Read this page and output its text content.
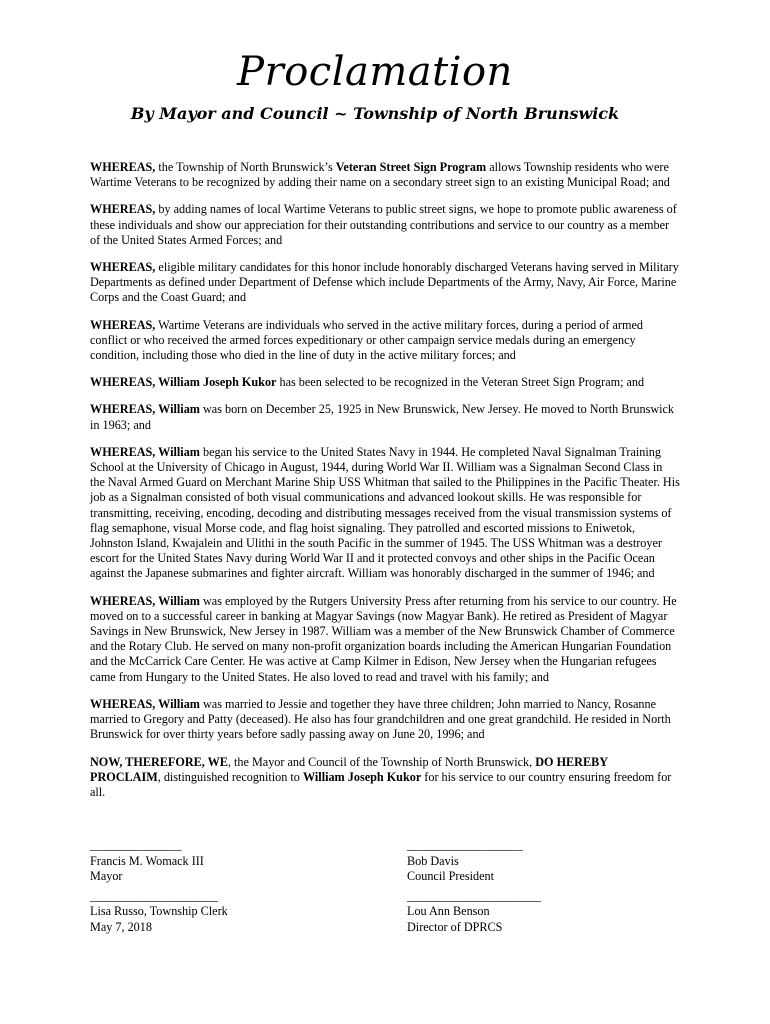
Proclamation
By Mayor and Council ~ Township of North Brunswick

WHEREAS, the Township of North Brunswick’s Veteran Street Sign Program allows Township residents who were Wartime Veterans to be recognized by adding their name on a secondary street sign to an existing Municipal Road; and

WHEREAS, by adding names of local Wartime Veterans to public street signs, we hope to promote public awareness of these individuals and show our appreciation for their outstanding contributions and service to our country as a member of the United States Armed Forces; and

WHEREAS, eligible military candidates for this honor include honorably discharged Veterans having served in Military Departments as defined under Department of Defense which include Departments of the Army, Navy, Air Force, Marine Corps and the Coast Guard; and

WHEREAS, Wartime Veterans are individuals who served in the active military forces, during a period of armed conflict or who received the armed forces expeditionary or other campaign service medals during an emergency condition, including those who died in the line of duty in the active military forces; and

WHEREAS, William Joseph Kukor has been selected to be recognized in the Veteran Street Sign Program; and

WHEREAS, William was born on December 25, 1925 in New Brunswick, New Jersey. He moved to North Brunswick in 1963; and

WHEREAS, William began his service to the United States Navy in 1944. He completed Naval Signalman Training School at the University of Chicago in August, 1944, during World War II. William was a Signalman Second Class in the Naval Armed Guard on Merchant Marine Ship USS Whitman that sailed to the Philippines in the Pacific Theater. His job as a Signalman consisted of both visual communications and advanced lookout skills. He was responsible for transmitting, receiving, encoding, decoding and distributing messages received from the visual transmission systems of flag semaphone, visual Morse code, and flag hoist signaling. They patrolled and escorted missions to Eniwetok, Johnston Island, Kwajalein and Ulithi in the south Pacific in the summer of 1945. The USS Whitman was a destroyer escort for the United States Navy during World War II and it protected convoys and other ships in the Pacific Ocean against the Japanese submarines and fighter aircraft. William was honorably discharged in the summer of 1946; and

WHEREAS, William was employed by the Rutgers University Press after returning from his service to our country. He moved on to a successful career in banking at Magyar Savings (now Magyar Bank). He retired as President of Magyar Savings in New Brunswick, New Jersey in 1987. William was a member of the New Brunswick Chamber of Commerce and the Rotary Club. He served on many non-profit organization boards including the American Hungarian Foundation and the McCarrick Care Center. He was active at Camp Kilmer in Edison, New Jersey when the Hungarian refugees came from Hungary to the United States. He also loved to read and travel with his family; and

WHEREAS, William was married to Jessie and together they have three children; John married to Nancy, Rosanne married to Gregory and Patty (deceased). He also has four grandchildren and one great grandchild. He resided in North Brunswick for over thirty years before sadly passing away on June 20, 1996; and

NOW, THEREFORE, WE, the Mayor and Council of the Township of North Brunswick, DO HEREBY PROCLAIM, distinguished recognition to William Joseph Kukor for his service to our country ensuring freedom for all.

_______________
Francis M. Womack III
Mayor
_____________________
Lisa Russo, Township Clerk
May 7, 2018
___________________
Bob Davis
Council President
______________________
Lou Ann Benson
Director of DPRCS
